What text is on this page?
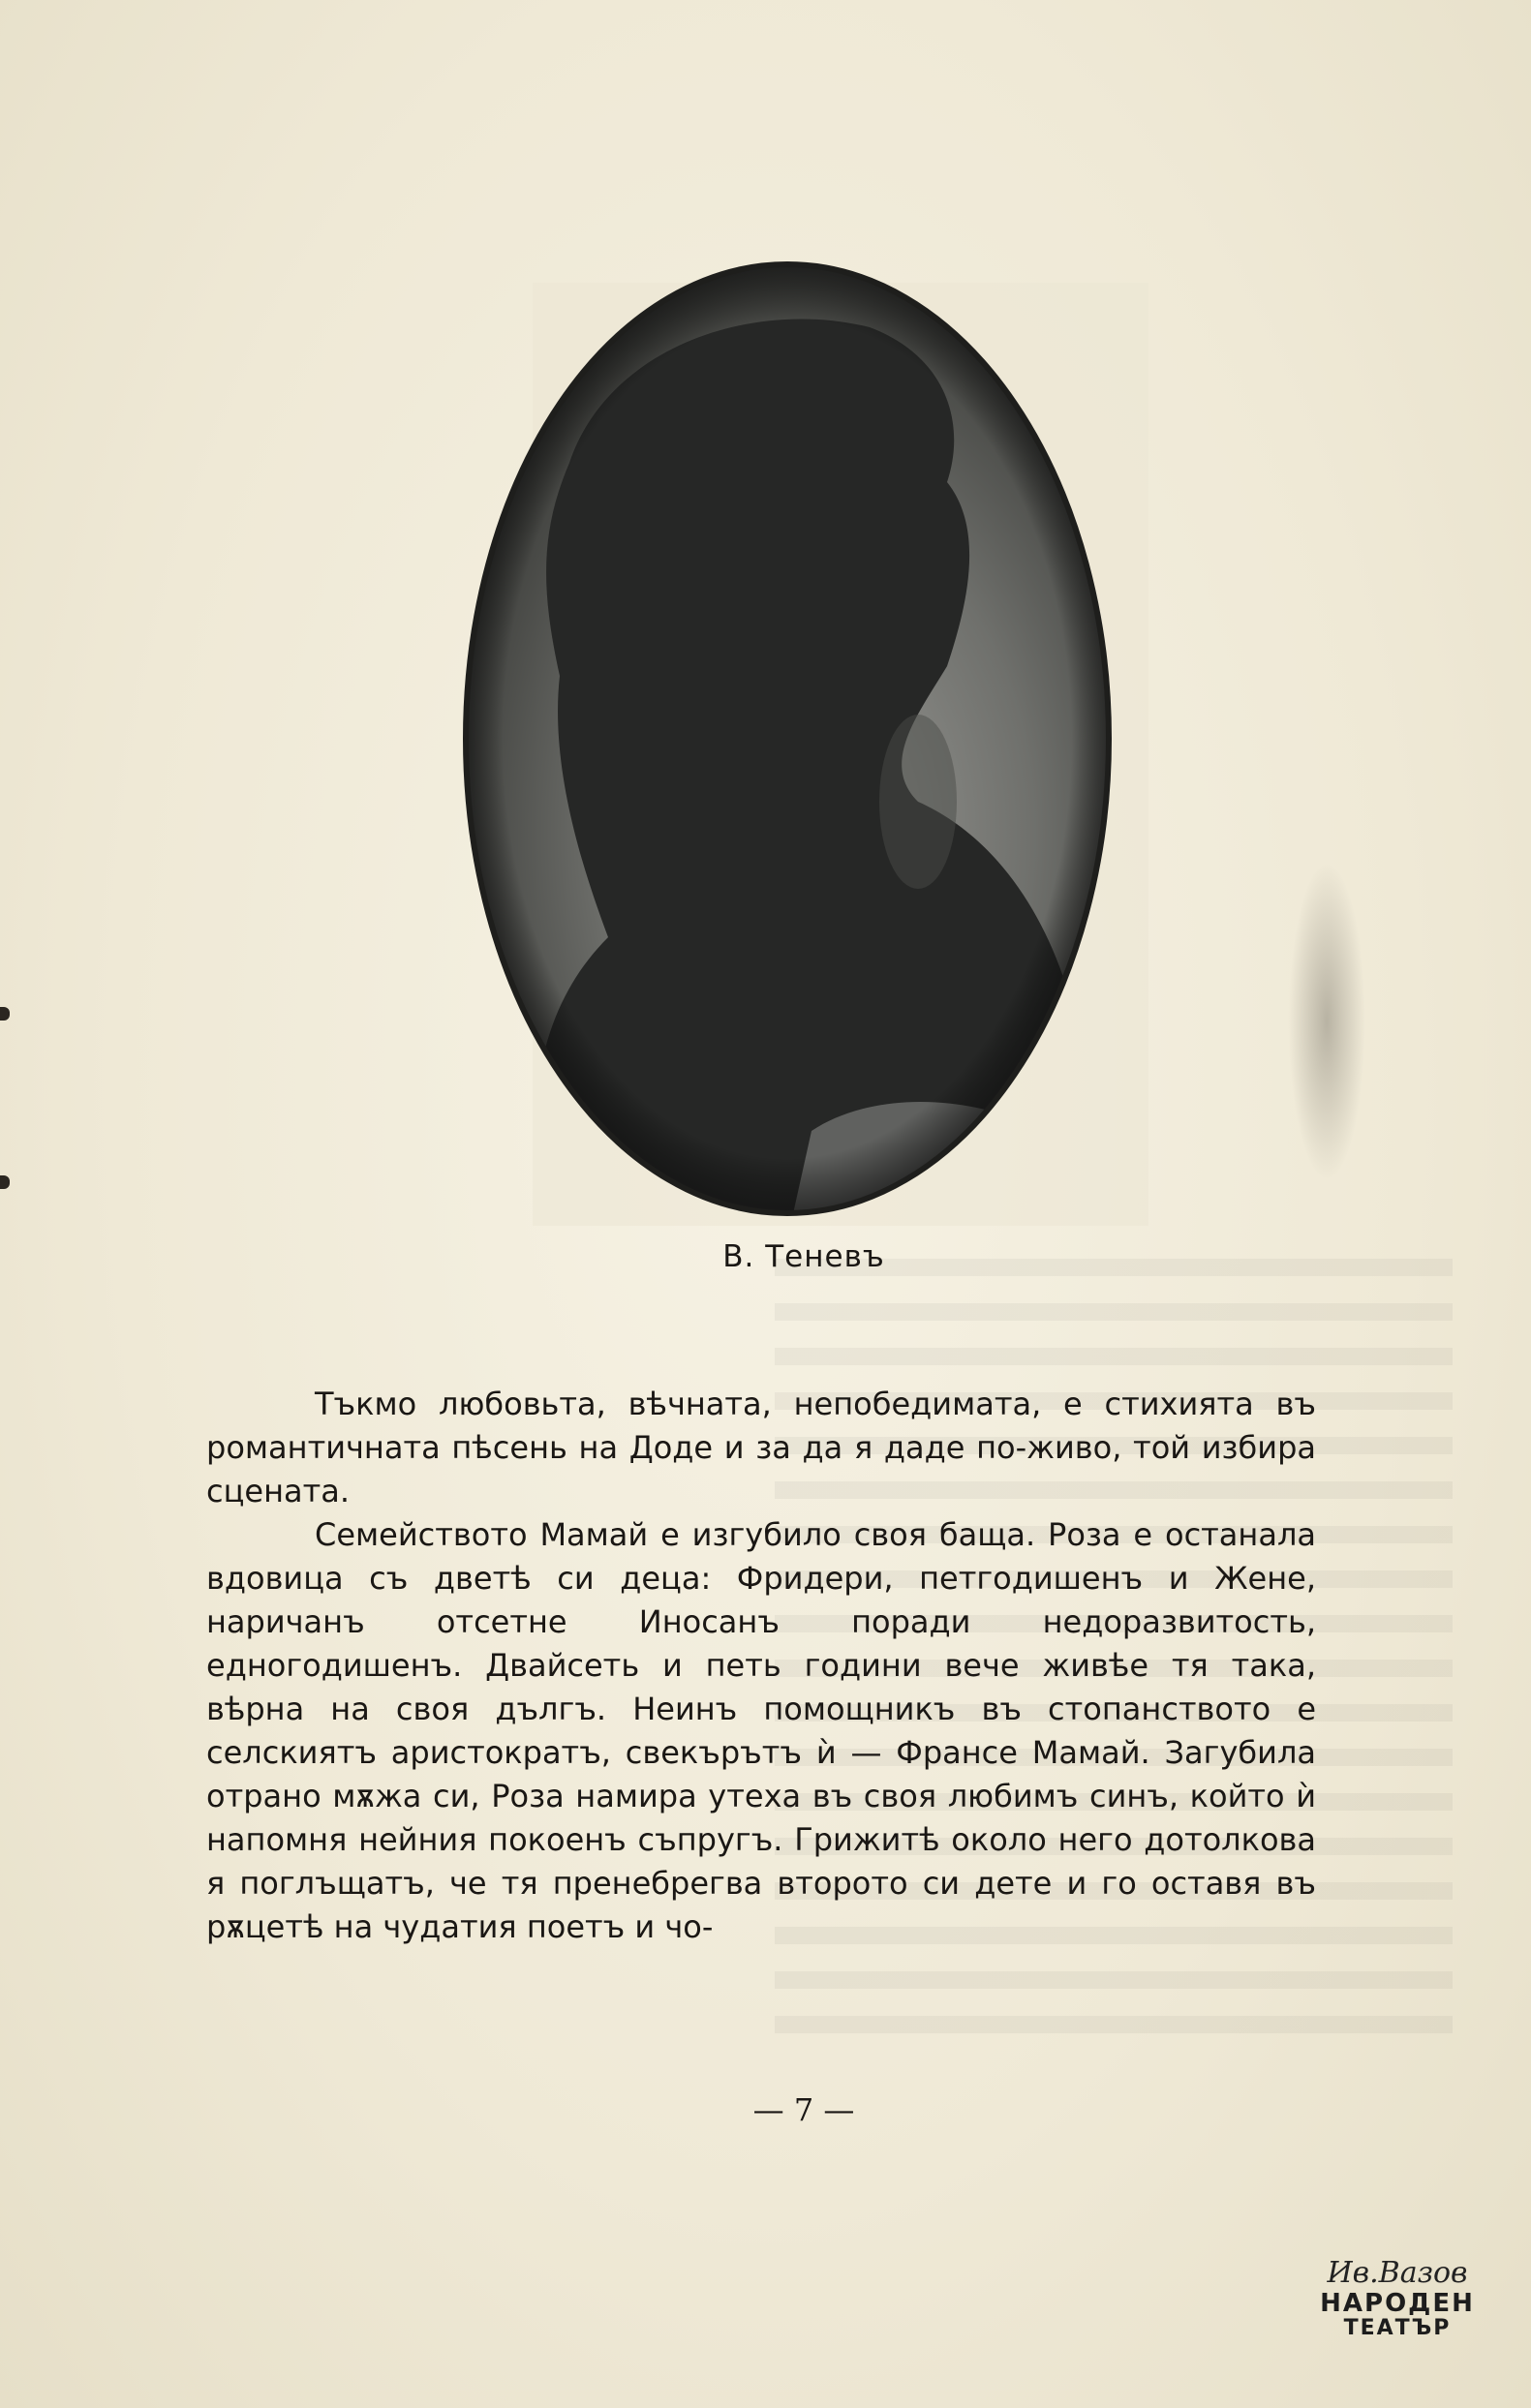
В. Теневъ

Тъкмо любовьта, вѣчната, непобедимата, е стихията въ романтичната пѣсень на Доде и за да я даде по-живо, той избира сцената.

Семейството Мамай е изгубило своя баща. Роза е останала вдовица съ двeтѣ си деца: Фридери, петгодишенъ и Жене, наричанъ отсетне Иносанъ поради недоразвитость, едногодишенъ. Двайсеть и петь години вече живѣе тя така, вѣрна на своя дългъ. Неинъ помощникъ въ стопанството е селскиятъ аристократъ, свекърътъ ѝ — Франсе Мамай. Загубила отрано мѫжа си, Роза намира утеха въ своя любимъ синъ, който ѝ напомня нейния покоенъ съпругъ. Грижитѣ около него дотолкова я поглъщатъ, че тя пренебрегва второто си дете и го оставя въ рѫцетѣ на чудатия поетъ и чо-

— 7 —
Ив.Вазов
НАРОДЕН
ТЕАТЪР
